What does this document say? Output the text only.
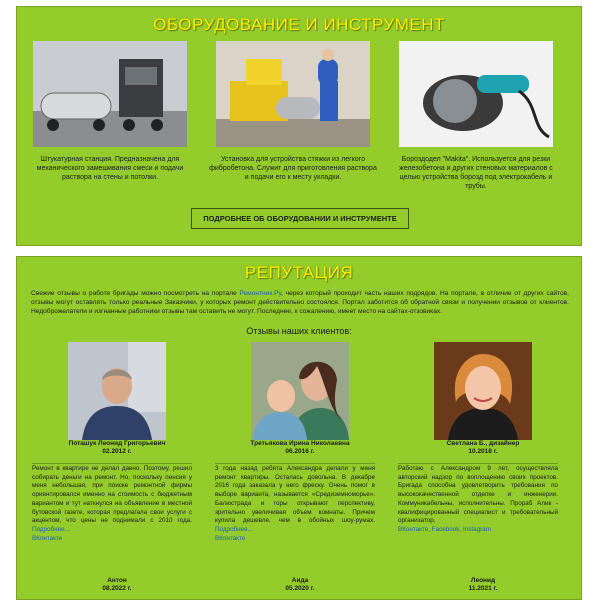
ОБОРУДОВАНИЕ И ИНСТРУМЕНТ
Штукатурная станция. Предназначена для механического замешивания смеси и подачи раствора на стены и потолки.
Установка для устройства стяжки из легкого фибробетона. Служит для приготовления раствора и подачи его к месту укладки.
Бороздодел "Makita". Используется для резки железобетона и других стеновых материалов с целью устройства борозд под электрокабель и трубы.
ПОДРОБНЕЕ ОБ ОБОРУДОВАНИИ И ИНСТРУМЕНТЕ
РЕПУТАЦИЯ
Свежие отзывы о работе бригады можно посмотреть на портале Ремонтник.Ру, через который проходит часть наших подрядов. На портале, в отличие от других сайтов, отзывы могут оставлять только реальные Заказчики, у которых ремонт действительно состоялся. Портал заботится об обратной связи и получении отзывов от клиентов. Недоброжелатели и изгнанные работники отзывы там оставить не могут. Последнее, к сожалению, имеет место на сайтах-отзовиках.
Отзывы наших клиентов:
Поташук Леонид Григорьевич
02.2012 г.
Третьякова Ирина Николаевна
06.2016 г.
Светлана Б., дизайнер
10.2018 г.
Ремонт в квартире не делал давно. Поэтому, решил собирать деньги на ремонт. Но, поскольку пенсия у меня небольшая, при поиске ремонтной фирмы ориентировался именно на стоимость с бюджетным вариантом и тут наткнулся на объявление в местной бутовской газете, которая предлагала свои услуги с акцентом, что цены не поднимали с 2010 года. Подробнее...
ВКонтакте
3 года назад ребята Александра делали у меня ремонт квартиры. Осталась довольна. В декабре 2016 года заказала у него фреску. Очень помог в выборе варианта, называется «Средиземноморье». Балюстрада и горы открывают перспективу, зрительно увеличивая объем комнаты. Причем купила дешевле, чем в обойных шоу-румах. Подробнее...
ВКонтакте
Работаю с Александром 9 лет, осуществляла авторский надзор по воплощению своих проектов. Бригада способна удовлетворить требования по высококачественной отделке и инженерии. Коммуникабельны, исполнительны. Прораб Алик - квалифицированный специалист и требовательный организатор.
ВКонтакте, Facebook, Instagram
Антон
08.2022 г.
Аида
05.2020 г.
Леонид
11.2021 г.
